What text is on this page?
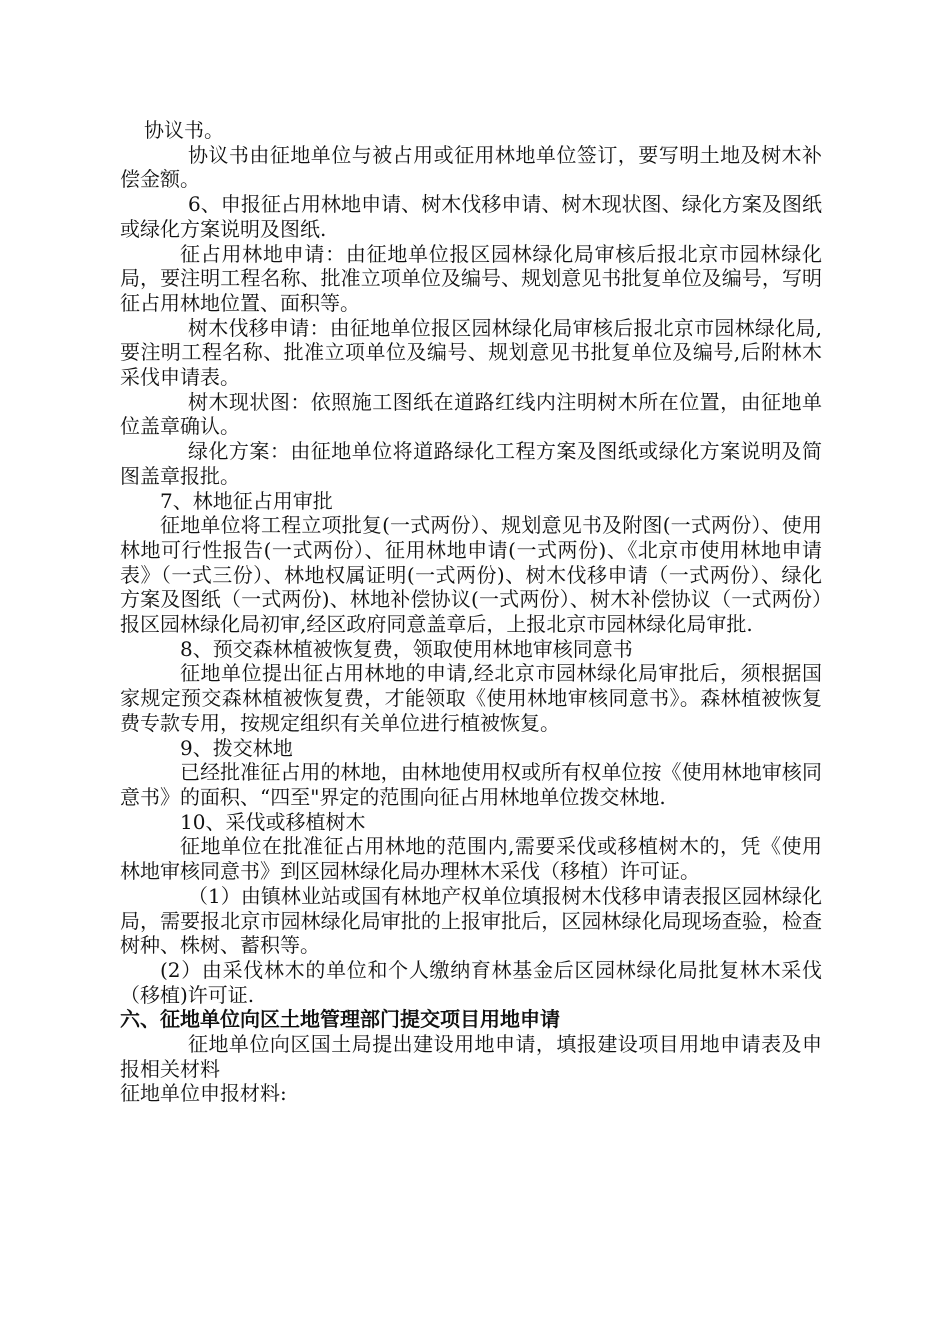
协议书。

协议书由征地单位与被占用或征用林地单位签订，要写明土地及树木补偿金额。

6、申报征占用林地申请、树木伐移申请、树木现状图、绿化方案及图纸或绿化方案说明及图纸.

征占用林地申请：由征地单位报区园林绿化局审核后报北京市园林绿化局，要注明工程名称、批准立项单位及编号、规划意见书批复单位及编号，写明征占用林地位置、面积等。

树木伐移申请：由征地单位报区园林绿化局审核后报北京市园林绿化局,要注明工程名称、批准立项单位及编号、规划意见书批复单位及编号,后附林木采伐申请表。

树木现状图：依照施工图纸在道路红线内注明树木所在位置，由征地单位盖章确认。

绿化方案：由征地单位将道路绿化工程方案及图纸或绿化方案说明及简图盖章报批。

7、林地征占用审批

征地单位将工程立项批复(一式两份）、规划意见书及附图(一式两份）、使用林地可行性报告(一式两份）、征用林地申请(一式两份)、《北京市使用林地申请表》（一式三份）、林地权属证明(一式两份)、树木伐移申请（一式两份）、绿化方案及图纸（一式两份)、林地补偿协议(一式两份）、树木补偿协议（一式两份）报区园林绿化局初审,经区政府同意盖章后，上报北京市园林绿化局审批.

8、预交森林植被恢复费，领取使用林地审核同意书

征地单位提出征占用林地的申请,经北京市园林绿化局审批后，须根据国家规定预交森林植被恢复费，才能领取《使用林地审核同意书》。森林植被恢复费专款专用，按规定组织有关单位进行植被恢复。

9、拨交林地

已经批准征占用的林地，由林地使用权或所有权单位按《使用林地审核同意书》的面积、“四至"界定的范围向征占用林地单位拨交林地.

10、采伐或移植树木

征地单位在批准征占用林地的范围内,需要采伐或移植树木的，凭《使用林地审核同意书》到区园林绿化局办理林木采伐（移植）许可证。

（1）由镇林业站或国有林地产权单位填报树木伐移申请表报区园林绿化局，需要报北京市园林绿化局审批的上报审批后，区园林绿化局现场查验，检查树种、株树、蓄积等。

(2）由采伐林木的单位和个人缴纳育林基金后区园林绿化局批复林木采伐（移植)许可证.

六、征地单位向区土地管理部门提交项目用地申请

征地单位向区国土局提出建设用地申请，填报建设项目用地申请表及申报相关材料

征地单位申报材料:
